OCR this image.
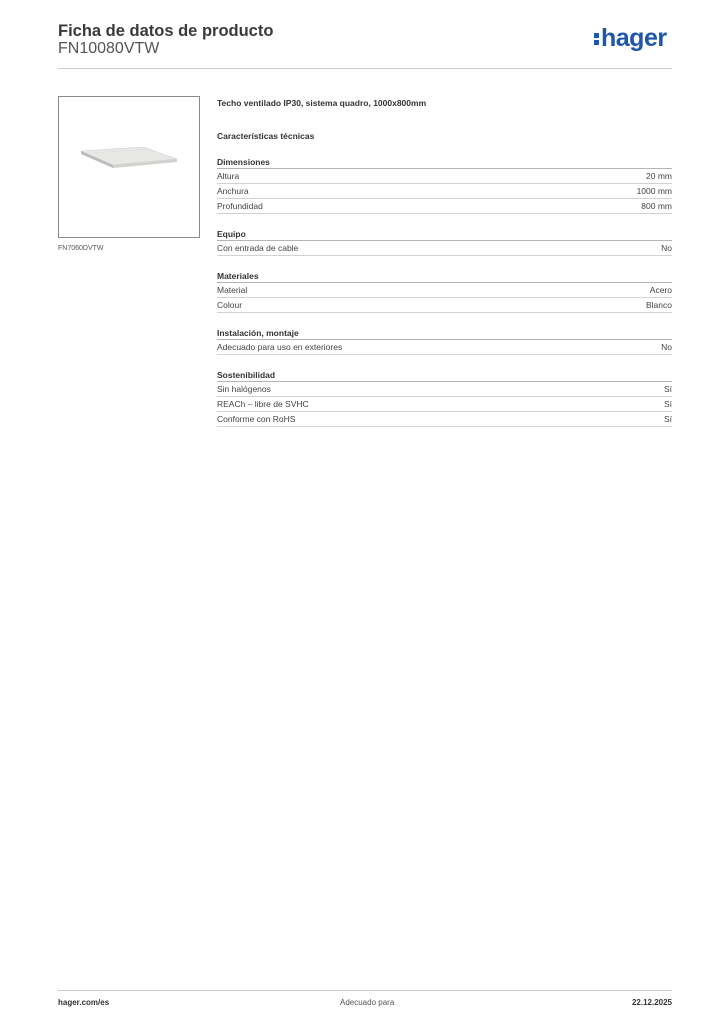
Ficha de datos de producto
FN10080VTW	hager
FN7060DVTW
Techo ventilado IP30, sistema quadro, 1000x800mm
Características técnicas
Dimensiones
Altura	20 mm
Anchura	1000 mm
Profundidad	800 mm
Equipo
Con entrada de cable	No
Materiales
Material	Acero
Colour	Blanco
Instalación, montaje
Adecuado para uso en exteriores	No
Sostenibilidad
Sin halógenos	Sí
REACh – libre de SVHC	Sí
Conforme con RoHS	Sí
hager.com/es	Adecuado para	22.12.2025
